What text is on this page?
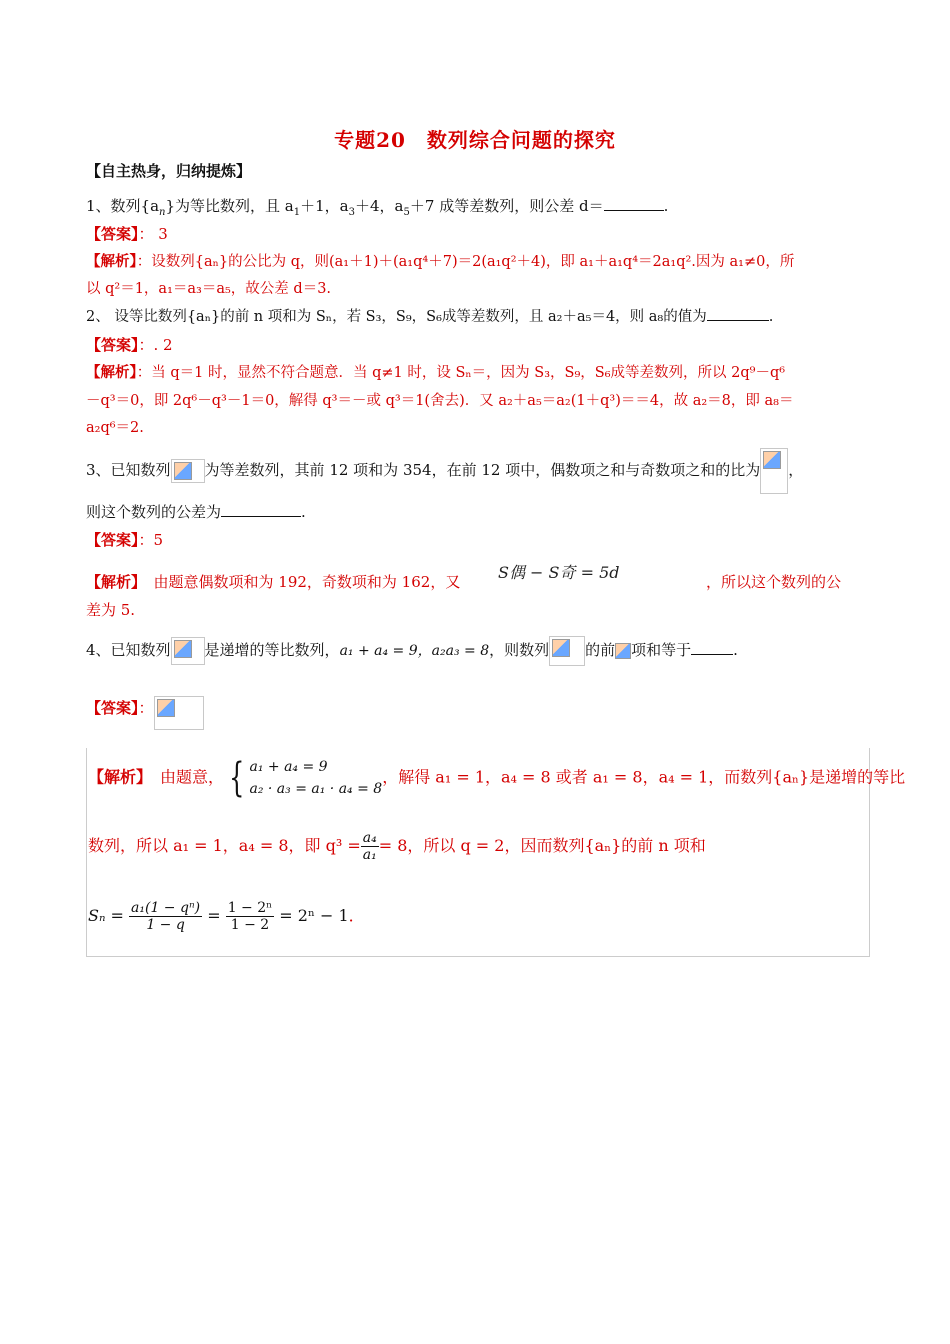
专题20　数列综合问题的探究
【自主热身，归纳提炼】
1、数列$\{a_n\}$为等比数列，且 $a_1+1$，$a_3+4$，$a_5+7$ 成等差数列，则公差 d＝	.
【答案】： 3
【解析】：设数列{aₙ}的公比为 q，则(a₁＋1)＋(a₁q⁴＋7)＝2(a₁q²＋4)，即 a₁＋a₁q⁴＝2a₁q².因为 a₁≠0，所
以 q²＝1，a₁＝a₃＝a₅，故公差 d＝3.
2、 设等比数列{aₙ}的前 n 项和为 Sₙ，若 S₃，S₉，S₆成等差数列，且 a₂＋a₅＝4，则 a₈的值为	.
【答案】：. 2
【解析】：当 q＝1 时，显然不符合题意．当 q≠1 时，设 Sₙ＝，因为 S₃，S₉，S₆成等差数列，所以 2q⁹－q⁶
－q³＝0，即 2q⁶－q³－1＝0，解得 q³＝－或 q³＝1(舍去)．又 a₂＋a₅＝a₂(1＋q³)＝＝4，故 a₂＝8，即 a₈＝
a₂q⁶＝2.
3、已知数列 为等差数列，其前 12 项和为 354，在前 12 项中，偶数项之和与奇数项之和的比为 ，
则这个数列的公差为	.
【答案】：5
【解析】　由题意偶数项和为 192，奇数项和为 162，又 S偶 − S奇 = 5d	，所以这个数列的公
差为 5.
4、已知数列 是递增的等比数列，a₁ + a₄ = 9，a₂a₃ = 8，则数列 的前 项和等于	.
【答案】：
【解析】　由题意， { a₁ + a₄ = 9
a₂ · a₃ = a₁ · a₄ = 8
，解得 a₁ = 1，a₄ = 8 或者 a₁ = 8，a₄ = 1，而数列{aₙ}是递增的等比
数列，所以 a₁ = 1，a₄ = 8，即 $q^3 = \frac{\text{a₄}}{\text{a₁}} = 8$，所以 q = 2，因而数列{aₙ}的前 n 项和
$S_n = \frac{\text{a₁(1 − qⁿ)}}{1 - q} = \frac{\text{1 − 2ⁿ}}{1 - 2} = 2^n - 1$．
